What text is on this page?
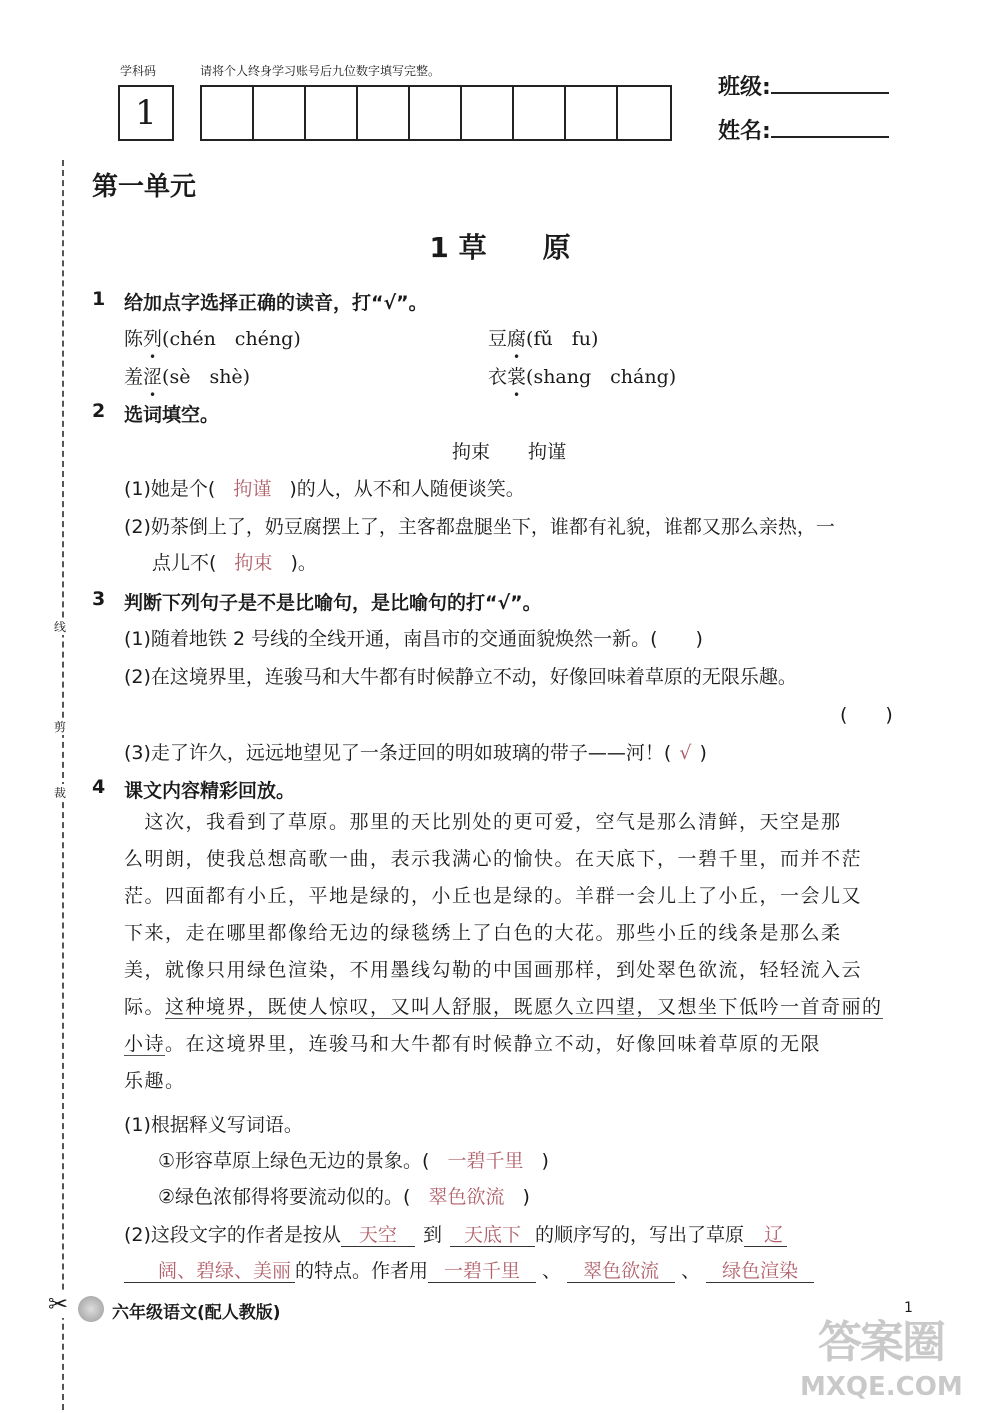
学科码	请将个人终身学习账号后九位数字填写完整。
1
班级:
姓名:
线
剪
裁
✂
第一单元
1 草　　原
1 给加点字选择正确的读音，打“√”。
陈列(chén　chéng)	豆腐(fǔ　fu)
羞涩(sè　shè)	衣裳(shang　cháng)
2 选词填空。
拘束　　拘谨
(1)她是个( 拘谨 )的人，从不和人随便谈笑。
(2)奶茶倒上了，奶豆腐摆上了，主客都盘腿坐下，谁都有礼貌，谁都又那么亲热，一
点儿不( 拘束 )。
3 判断下列句子是不是比喻句，是比喻句的打“√”。
(1)随着地铁 2 号线的全线开通，南昌市的交通面貌焕然一新。(　　)
(2)在这境界里，连骏马和大牛都有时候静立不动，好像回味着草原的无限乐趣。
(　　)
(3)走了许久，远远地望见了一条迂回的明如玻璃的带子——河！( √ )
4 课文内容精彩回放。
　这次，我看到了草原。那里的天比别处的更可爱，空气是那么清鲜，天空是那
么明朗，使我总想高歌一曲，表示我满心的愉快。在天底下，一碧千里，而并不茫
茫。四面都有小丘，平地是绿的，小丘也是绿的。羊群一会儿上了小丘，一会儿又
下来，走在哪里都像给无边的绿毯绣上了白色的大花。那些小丘的线条是那么柔
美，就像只用绿色渲染，不用墨线勾勒的中国画那样，到处翠色欲流，轻轻流入云
际。这种境界，既使人惊叹，又叫人舒服，既愿久立四望，又想坐下低吟一首奇丽的
小诗。在这境界里，连骏马和大牛都有时候静立不动，好像回味着草原的无限
乐趣。
(1)根据释义写词语。
①形容草原上绿色无边的景象。( 一碧千里 )
②绿色浓郁得将要流动似的。( 翠色欲流 )
(2)这段文字的作者是按从 天空 到 天底下 的顺序写的，写出了草原 辽
阔、碧绿、美丽 的特点。作者用 一碧千里 、 翠色欲流 、 绿色渲染
六年级语文(配人教版)	1
答案圈
MXQE.COM
